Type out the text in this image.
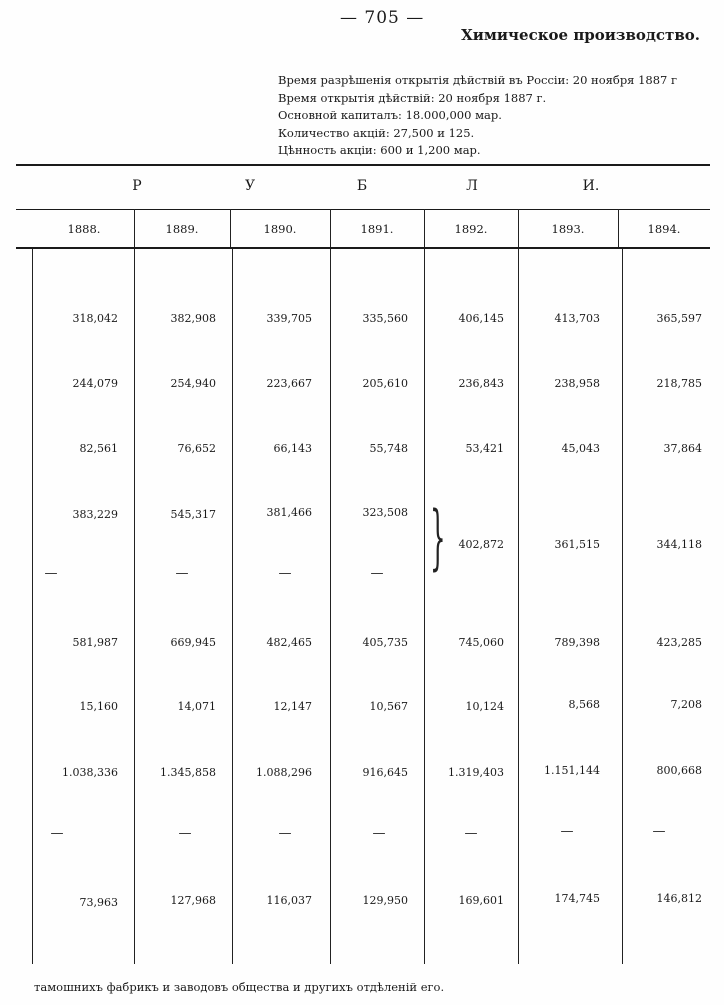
— 705 —
Химическое производство.
Время разрѣшенія открытія дѣйствій въ Россіи: 20 ноября 1887 г
Время открытія дѣйствій: 20 ноября 1887 г.
Основной капиталъ: 18.000,000 мар.
Количество акцій: 27,500 и 125.
Цѣнность акціи: 600 и 1,200 мар.
Р	У	Б	Л	И.
1888.	1889.	1890.	1891.	1892.	1893.	1894.
318,042	382,908	339,705	335,560	406,145	413,703	365,597
244,079	254,940	223,667	205,610	236,843	238,958	218,785
82,561	76,652	66,143	55,748	53,421	45,043	37,864
383,229	545,317	381,466	323,508 } 402,872	361,515	344,118
—	—	—	—
581,987	669,945	482,465	405,735	745,060	789,398	423,285
15,160	14,071	12,147	10,567	10,124	8,568	7,208
1.038,336	1.345,858	1.088,296	916,645	1.319,403	1.151,144	800,668
—	—	—	—	—	—	—
73,963	127,968	116,037	129,950	169,601	174,745	146,812
тамошнихъ фабрикъ и заводовъ общества и другихъ отдѣленій его.
